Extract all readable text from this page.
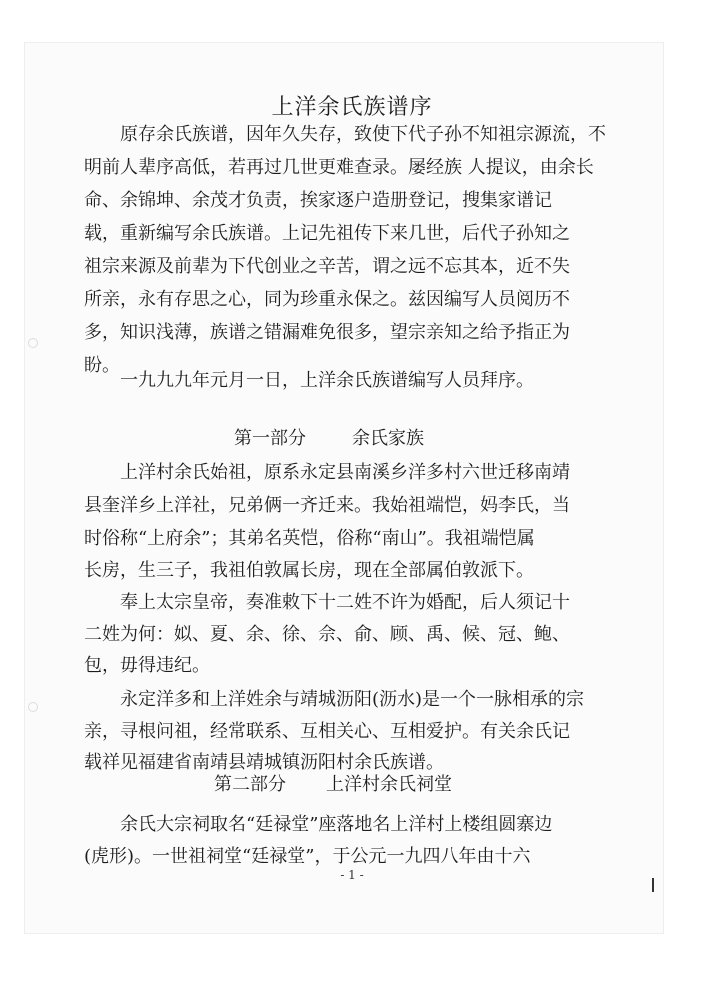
上洋余氏族谱序

原存余氏族谱，因年久失存，致使下代子孙不知祖宗源流，不

明前人辈序高低，若再过几世更难查录。屡经族 人提议，由余长

命、余锦坤、余茂才负责，挨家逐户造册登记，搜集家谱记

载，重新编写余氏族谱。上记先祖传下来几世，后代子孙知之

祖宗来源及前辈为下代创业之辛苦，谓之远不忘其本，近不失

所亲，永有存思之心，同为珍重永保之。兹因编写人员阅历不

多，知识浅薄，族谱之错漏难免很多，望宗亲知之给予指正为

盼。

一九九九年元月一日，上洋余氏族谱编写人员拜序。

第一部分	余氏家族

上洋村余氏始祖，原系永定县南溪乡洋多村六世迁移南靖

县奎洋乡上洋社，兄弟俩一齐迁来。我始祖端恺，妈李氏，当

时俗称“上府余”；其弟名英恺，俗称“南山”。我祖端恺属

长房，生三子，我祖伯敦属长房，现在全部属伯敦派下。

奉上太宗皇帝，奏准敕下十二姓不许为婚配，后人须记十

二姓为何：姒、夏、余、徐、佘、俞、顾、禹、候、冠、鲍、

包，毋得违纪。

永定洋多和上洋姓余与靖城沥阳(沥水)是一个一脉相承的宗

亲，寻根问祖，经常联系、互相关心、互相爱护。有关余氏记

载祥见福建省南靖县靖城镇沥阳村余氏族谱。

第二部分 上洋村余氏祠堂

余氏大宗祠取名“廷禄堂”座落地名上洋村上楼组圆寨边

(虎形)。一世祖祠堂“廷禄堂”，于公元一九四八年由十六

- 1 -
